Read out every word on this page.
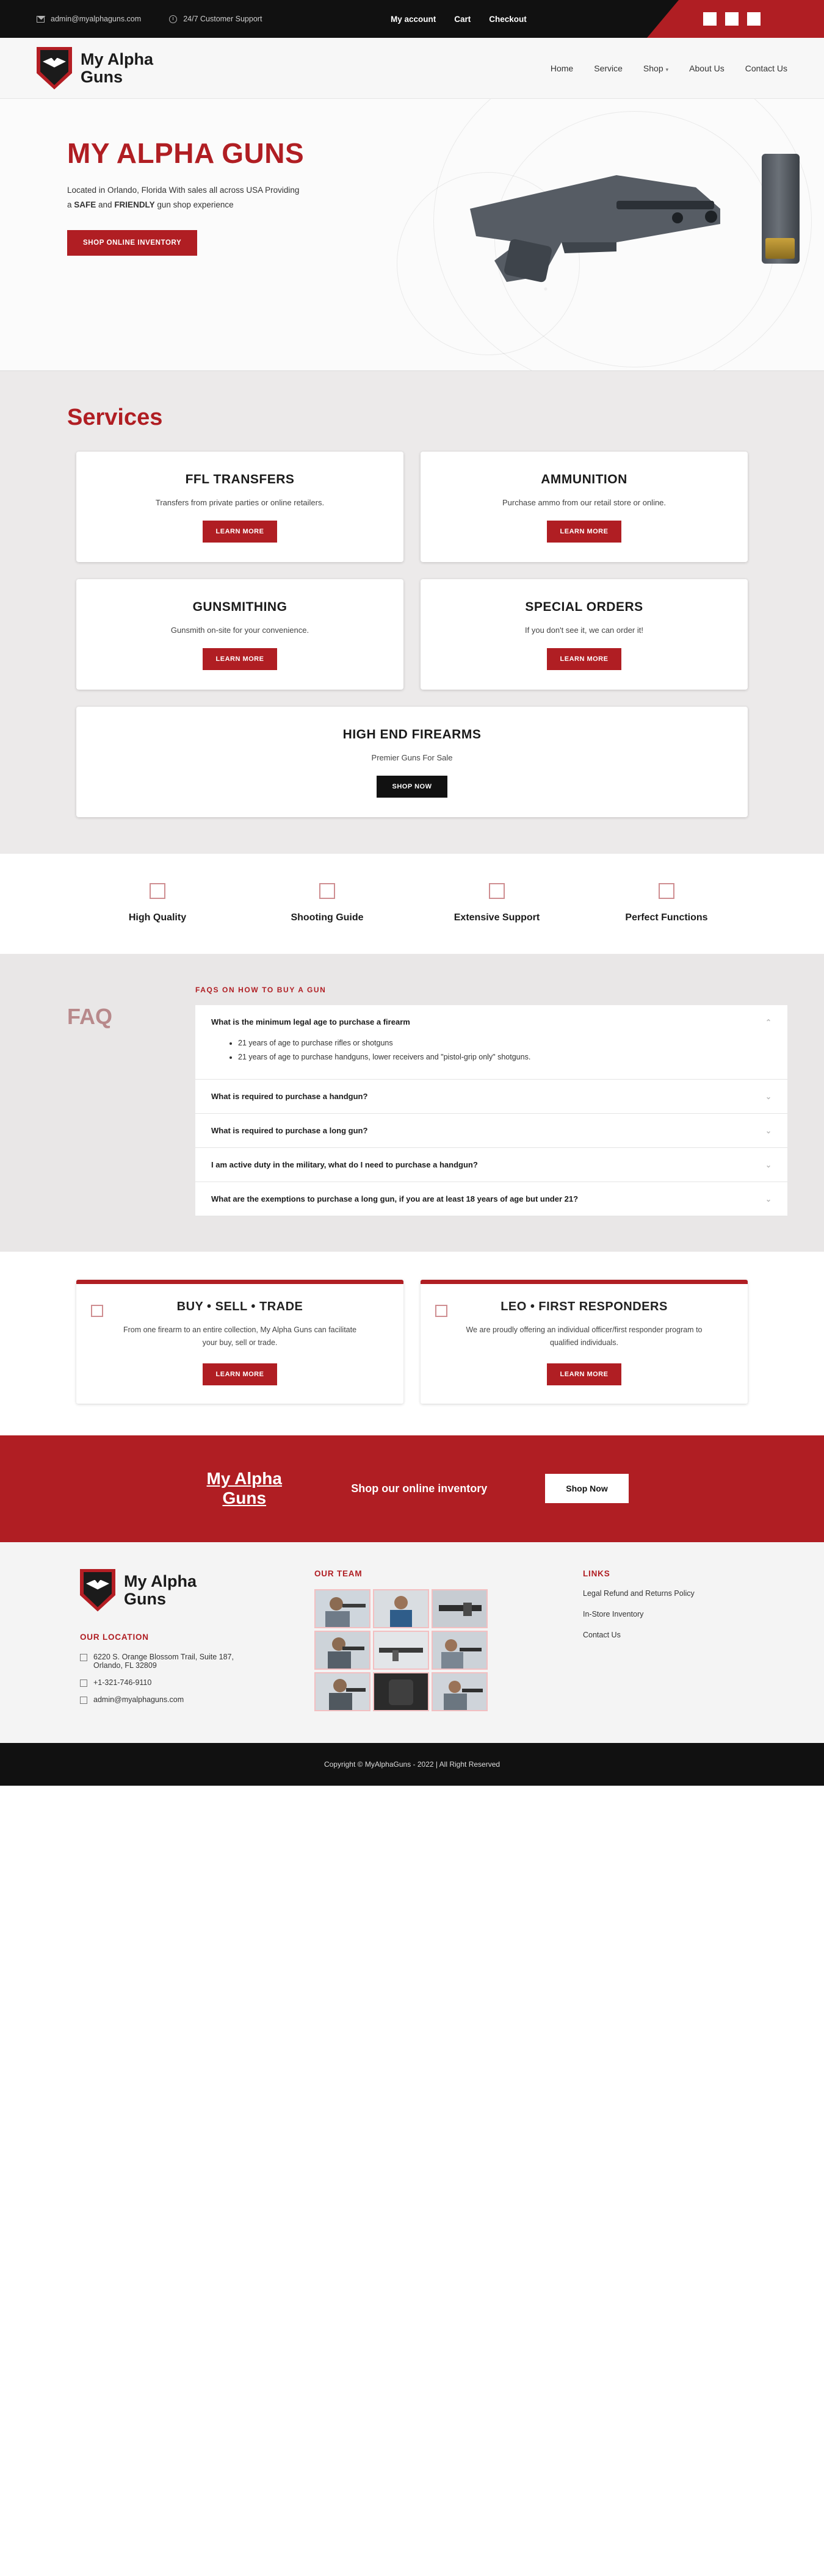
admin@myalphaguns.com	24/7 Customer Support	My account Cart Checkout
My Alpha Guns	Home Service Shop ▾ About Us Contact Us
MY ALPHA GUNS

Located in Orlando, Florida With sales all across USA Providing
a SAFE and FRIENDLY gun shop experience

SHOP ONLINE INVENTORY
Services
FFL TRANSFERS

Transfers from private parties or online retailers.

LEARN MORE
AMMUNITION

Purchase ammo from our retail store or online.

LEARN MORE
GUNSMITHING

Gunsmith on-site for your convenience.

LEARN MORE
SPECIAL ORDERS

If you don't see it, we can order it!

LEARN MORE
HIGH END FIREARMS

Premier Guns For Sale

SHOP NOW
High Quality	Shooting Guide	Extensive Support	Perfect Functions
FAQ
FAQS ON HOW TO BUY A GUN
What is the minimum legal age to purchase a firearm	⌃
• 21 years of age to purchase rifles or shotguns
• 21 years of age to purchase handguns, lower receivers and "pistol-grip only" shotguns.
What is required to purchase a handgun?	⌄
What is required to purchase a long gun?	⌄
I am active duty in the military, what do I need to purchase a handgun?	⌄
What are the exemptions to purchase a long gun, if you are at least 18 years of age but under 21?	⌄
BUY • SELL • TRADE

From one firearm to an entire collection, My Alpha Guns can facilitate your buy, sell or trade.

LEARN MORE
LEO • FIRST RESPONDERS

We are proudly offering an individual officer/first responder program to qualified individuals.

LEARN MORE
My Alpha Guns
Shop our online inventory	Shop Now
My Alpha Guns
OUR LOCATION
6220 S. Orange Blossom Trail, Suite 187,
Orlando, FL 32809
+1-321-746-9110
admin@myalphaguns.com
OUR TEAM	LINKS
Legal Refund and Returns Policy
In-Store Inventory
Contact Us
Copyright © MyAlphaGuns - 2022 | All Right Reserved
